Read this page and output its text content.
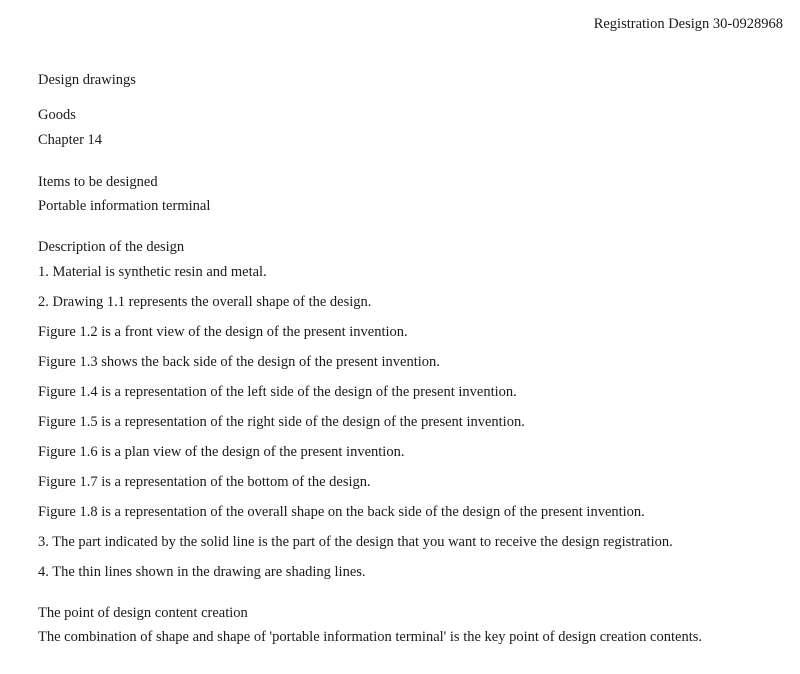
Registration Design 30-0928968
Design drawings
Goods
Chapter 14
Items to be designed
Portable information terminal
Description of the design
1. Material is synthetic resin and metal.
2. Drawing 1.1 represents the overall shape of the design.
Figure 1.2 is a front view of the design of the present invention.
Figure 1.3 shows the back side of the design of the present invention.
Figure 1.4 is a representation of the left side of the design of the present invention.
Figure 1.5 is a representation of the right side of the design of the present invention.
Figure 1.6 is a plan view of the design of the present invention.
Figure 1.7 is a representation of the bottom of the design.
Figure 1.8 is a representation of the overall shape on the back side of the design of the present invention.
3. The part indicated by the solid line is the part of the design that you want to receive the design registration.
4. The thin lines shown in the drawing are shading lines.
The point of design content creation
The combination of shape and shape of 'portable information terminal' is the key point of design creation contents.
